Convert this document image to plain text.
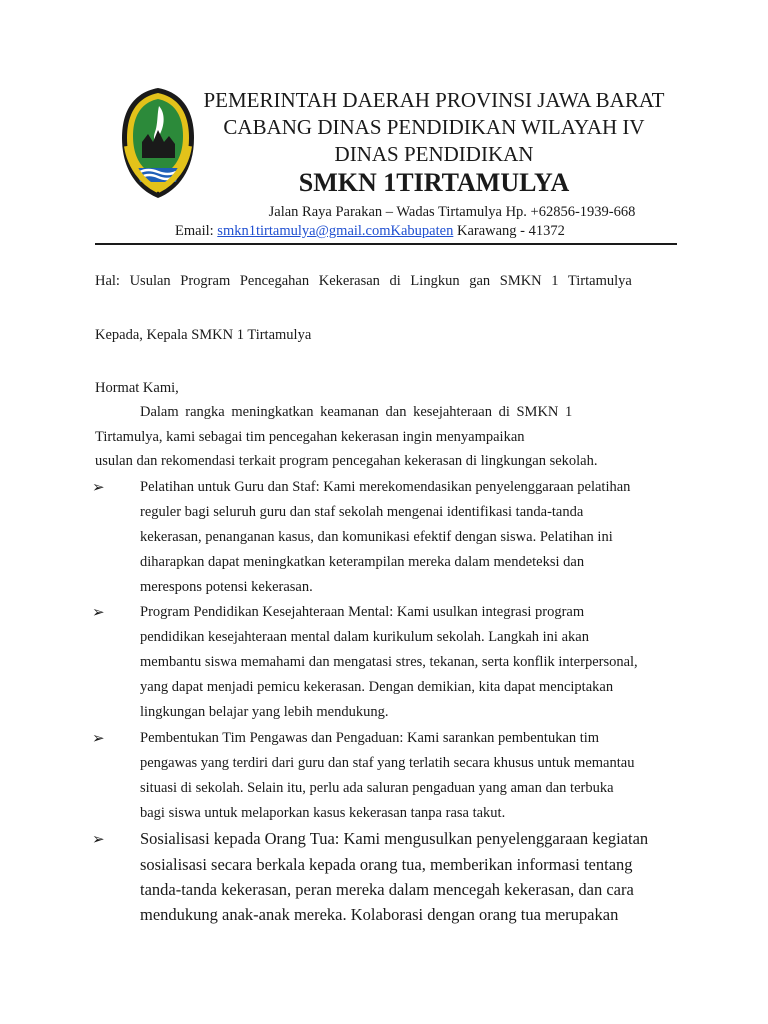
PEMERINTAH DAERAH PROVINSI JAWA BARAT
CABANG DINAS PENDIDIKAN WILAYAH IV
DINAS PENDIDIKAN
SMKN 1TIRTAMULYA
Jalan Raya Parakan – Wadas Tirtamulya Hp. +62856-1939-668
Email: smkn1tirtamulya@gmail.comKabupaten Karawang - 41372
Hal: Usulan Program Pencegahan Kekerasan di Lingkun gan SMKN 1 Tirtamulya
Kepada, Kepala SMKN 1 Tirtamulya
Hormat Kami,
Dalam rangka meningkatkan keamanan dan kesejahteraan di SMKN 1
Tirtamulya, kami sebagai tim pencegahan kekerasan ingin menyampaikan
usulan dan rekomendasi terkait program pencegahan kekerasan di lingkungan sekolah.
➢ Pelatihan untuk Guru dan Staf: Kami merekomendasikan penyelenggaraan pelatihan
reguler bagi seluruh guru dan staf sekolah mengenai identifikasi tanda-tanda
kekerasan, penanganan kasus, dan komunikasi efektif dengan siswa. Pelatihan ini
diharapkan dapat meningkatkan keterampilan mereka dalam mendeteksi dan
merespons potensi kekerasan.
➢ Program Pendidikan Kesejahteraan Mental: Kami usulkan integrasi program
pendidikan kesejahteraan mental dalam kurikulum sekolah. Langkah ini akan
membantu siswa memahami dan mengatasi stres, tekanan, serta konflik interpersonal,
yang dapat menjadi pemicu kekerasan. Dengan demikian, kita dapat menciptakan
lingkungan belajar yang lebih mendukung.
➢ Pembentukan Tim Pengawas dan Pengaduan: Kami sarankan pembentukan tim
pengawas yang terdiri dari guru dan staf yang terlatih secara khusus untuk memantau
situasi di sekolah. Selain itu, perlu ada saluran pengaduan yang aman dan terbuka
bagi siswa untuk melaporkan kasus kekerasan tanpa rasa takut.
➢ Sosialisasi kepada Orang Tua: Kami mengusulkan penyelenggaraan kegiatan
sosialisasi secara berkala kepada orang tua, memberikan informasi tentang
tanda-tanda kekerasan, peran mereka dalam mencegah kekerasan, dan cara
mendukung anak-anak mereka. Kolaborasi dengan orang tua merupakan
